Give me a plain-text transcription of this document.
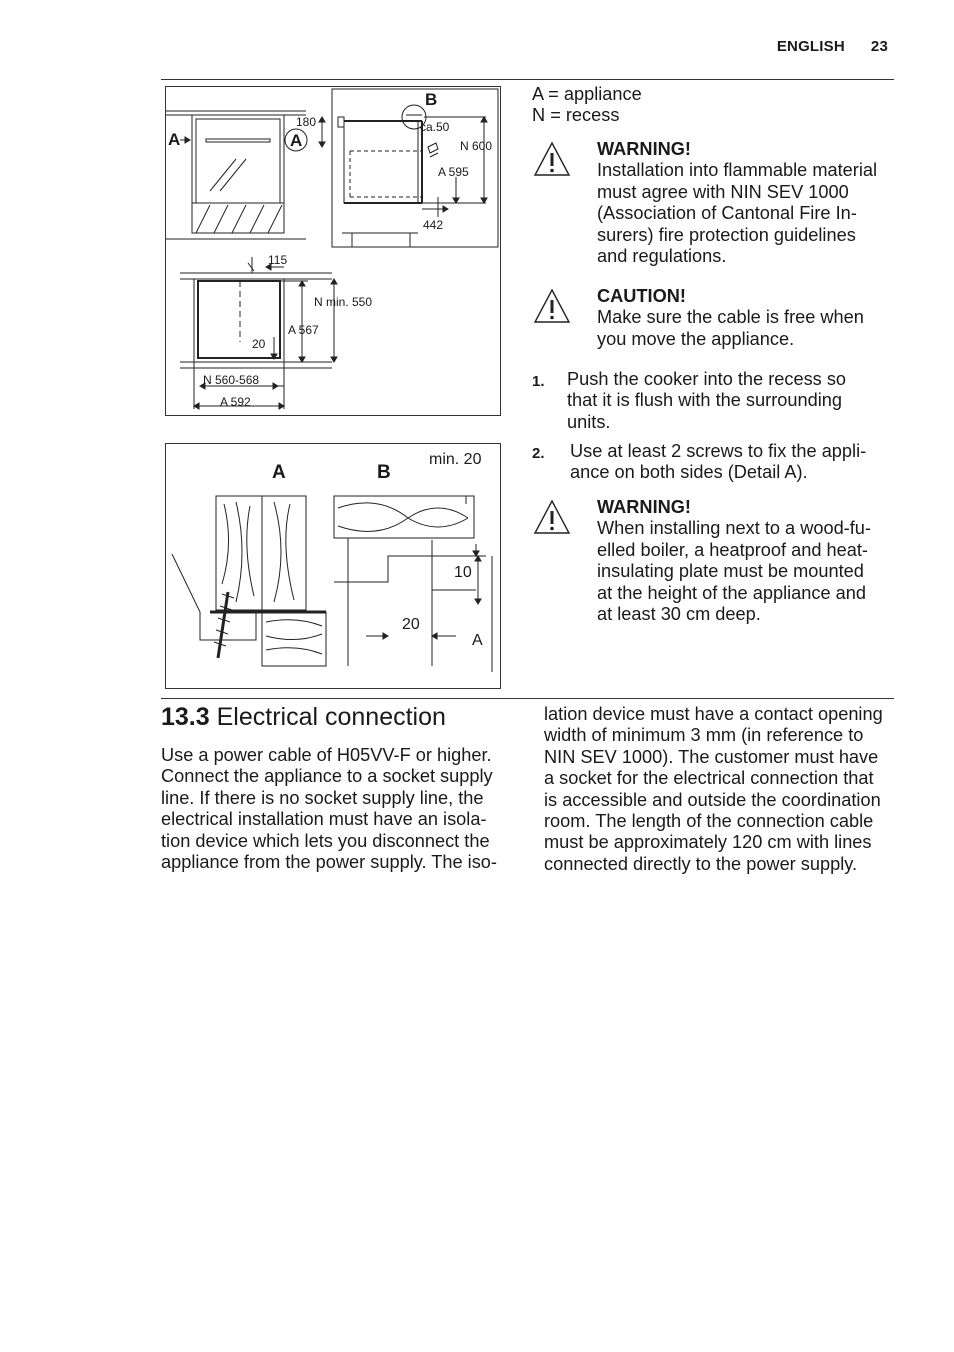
ENGLISH 23
A	A
B
180	ca.50
N 600
A 595
442
115
N min. 550
A 567
20
N 560-568
A 592
A	B
min. 20
10
20
A
A = appliance
N = recess
WARNING!
Installation into flammable material
must agree with NIN SEV 1000
(Association of Cantonal Fire In-
surers) fire protection guidelines
and regulations.
CAUTION!
Make sure the cable is free when
you move the appliance.
1. Push the cooker into the recess so
that it is flush with the surrounding
units.
2. Use at least 2 screws to fix the appli-
ance on both sides (Detail A).
WARNING!
When installing next to a wood-fu-
elled boiler, a heatproof and heat-
insulating plate must be mounted
at the height of the appliance and
at least 30 cm deep.
13.3 Electrical connection
Use a power cable of H05VV-F or higher.
Connect the appliance to a socket supply
line. If there is no socket supply line, the
electrical installation must have an isola-
tion device which lets you disconnect the
appliance from the power supply. The iso-
lation device must have a contact opening
width of minimum 3 mm (in reference to
NIN SEV 1000). The customer must have
a socket for the electrical connection that
is accessible and outside the coordination
room. The length of the connection cable
must be approximately 120 cm with lines
connected directly to the power supply.
